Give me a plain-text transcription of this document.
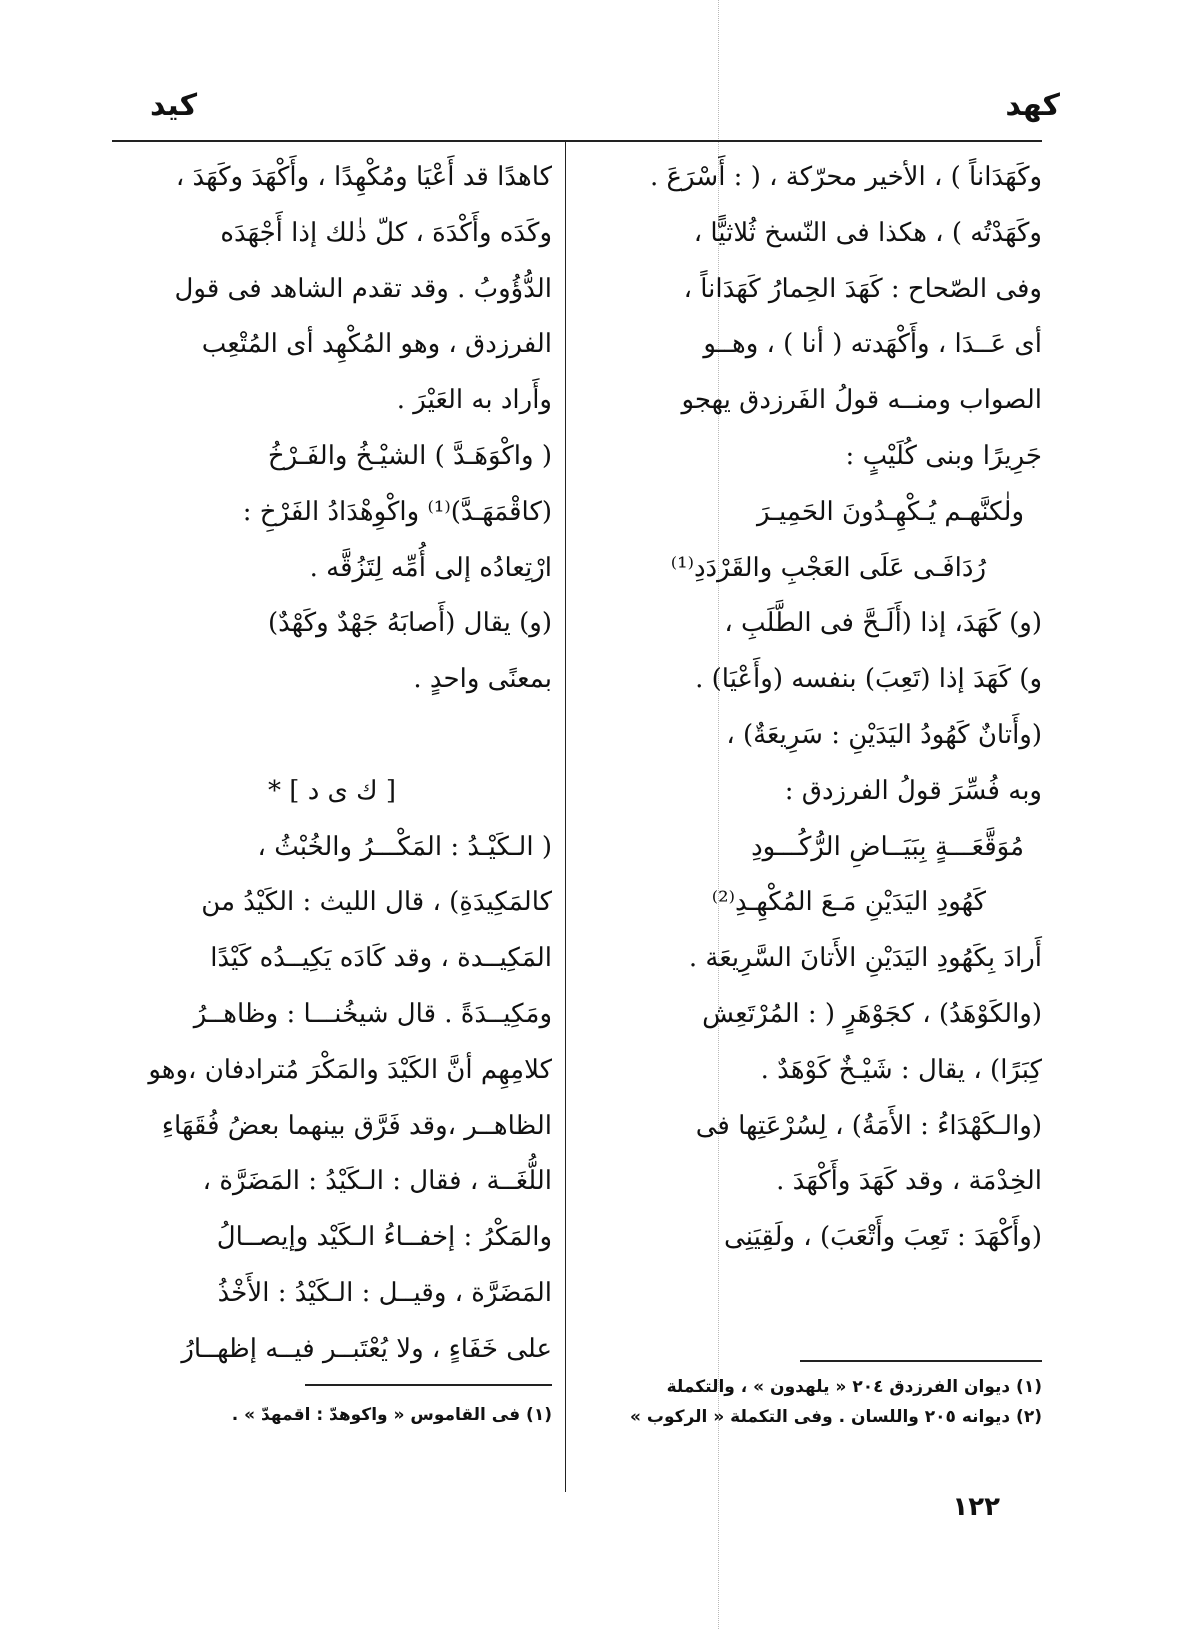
كهد
كيد
وكَهَدَاناً ) ، الأخير محرّكة ، ( : أَسْرَعَ .
وكَهَدْتُه ) ، هكذا فى النّسخ ثُلاثيًّا ،
وفى الصّحاح : كَهَدَ الحِمارُ كَهَدَاناً ،
أى عَــدَا ، وأَكْهَدته ( أنا ) ، وهــو
الصواب ومنــه قولُ الفَرزدق يهجو
جَرِيرًا وبنى كُلَيْبٍ :
ولٰكنَّهـم يُـكْهِـدُونَ الحَمِيـرَ
رُدَافَـى عَلَى العَجْبِ والقَرْدَدِ⁽¹⁾
(و) كَهَدَ، إذا (أَلَـحَّ فى الطَّلَبِ ،
و) كَهَدَ إذا (تَعِبَ) بنفسه (وأَعْيَا) .
(وأَتانٌ كَهُودُ اليَدَيْنِ : سَرِيعَةٌ) ،
وبه فُسِّرَ قولُ الفرزدق :
مُوَقَّعَـــةٍ بِبَيَــاضِ الرُّكُـــودِ
كَهُودِ اليَدَيْنِ مَـعَ المُكْهِـدِ⁽²⁾
أَرادَ بِكَهُودِ اليَدَيْنِ الأَتانَ السَّرِيعَة .
(والكَوْهَدُ) ، كجَوْهَرٍ ( : المُرْتَعِش
كِبَرًا) ، يقال : شَيْـخٌ كَوْهَدٌ .
(والـكَهْدَاءُ : الأَمَةُ) ، لِسُرْعَتِها فى
الخِدْمَة ، وقد كَهَدَ وأَكْهَدَ .
(وأَكْهَدَ : تَعِبَ وأَتْعَبَ) ، ولَقِيَنِى
(١) ديوان الفرزدق ٢٠٤ « يلهدون » ، والتكملة
(٢) ديوانه ٢٠٥ واللسان . وفى التكملة « الركوب »
كاهدًا قد أَعْيَا ومُكْهِدًا ، وأَكْهَدَ وكَهَدَ ،
وكَدَه وأَكْدَهَ ، كلّ ذٰلك إذا أَجْهَدَه
الدُّؤُوبُ . وقد تقدم الشاهد فى قول
الفرزدق ، وهو المُكْهِد أى المُتْعِب
وأَراد به العَيْرَ .
( واكْوَهَـدَّ ) الشيْـخُ والفَـرْخُ
(كاقْمَهَـدَّ)⁽¹⁾ واكْوِهْدَادُ الفَرْخِ :
ارْتِعادُه إلى أُمِّه لِتَزُقَّه .
(و) يقال (أَصابَهُ جَهْدٌ وكَهْدٌ)
بمعنًى واحدٍ .

[ ك ى د ] *
( الـكَيْـدُ : المَكْـــرُ والخُبْثُ ،
كالمَكِيدَةِ) ، قال الليث : الكَيْدُ من
المَكِيــدة ، وقد كَادَه يَكِيــدُه كَيْدًا
ومَكِيــدَةً . قال شيخُنـــا : وظاهــرُ
كلامِهِم أنَّ الكَيْدَ والمَكْرَ مُترادفان ،وهو
الظاهــر ،وقد فَرَّق بينهما بعضُ فُقَهَاءِ
اللُّغَــة ، فقال : الـكَيْدُ : المَضَرَّة ،
والمَكْرُ : إخفــاءُ الـكَيْد وإيصــالُ
المَضَرَّة ، وقيــل : الـكَيْدُ : الأَخْذُ
على خَفَاءٍ ، ولا يُعْتَبــر فيــه إظهــارُ
(١) فى القاموس « واكوهدّ : اقمهدّ » .
١٢٢
